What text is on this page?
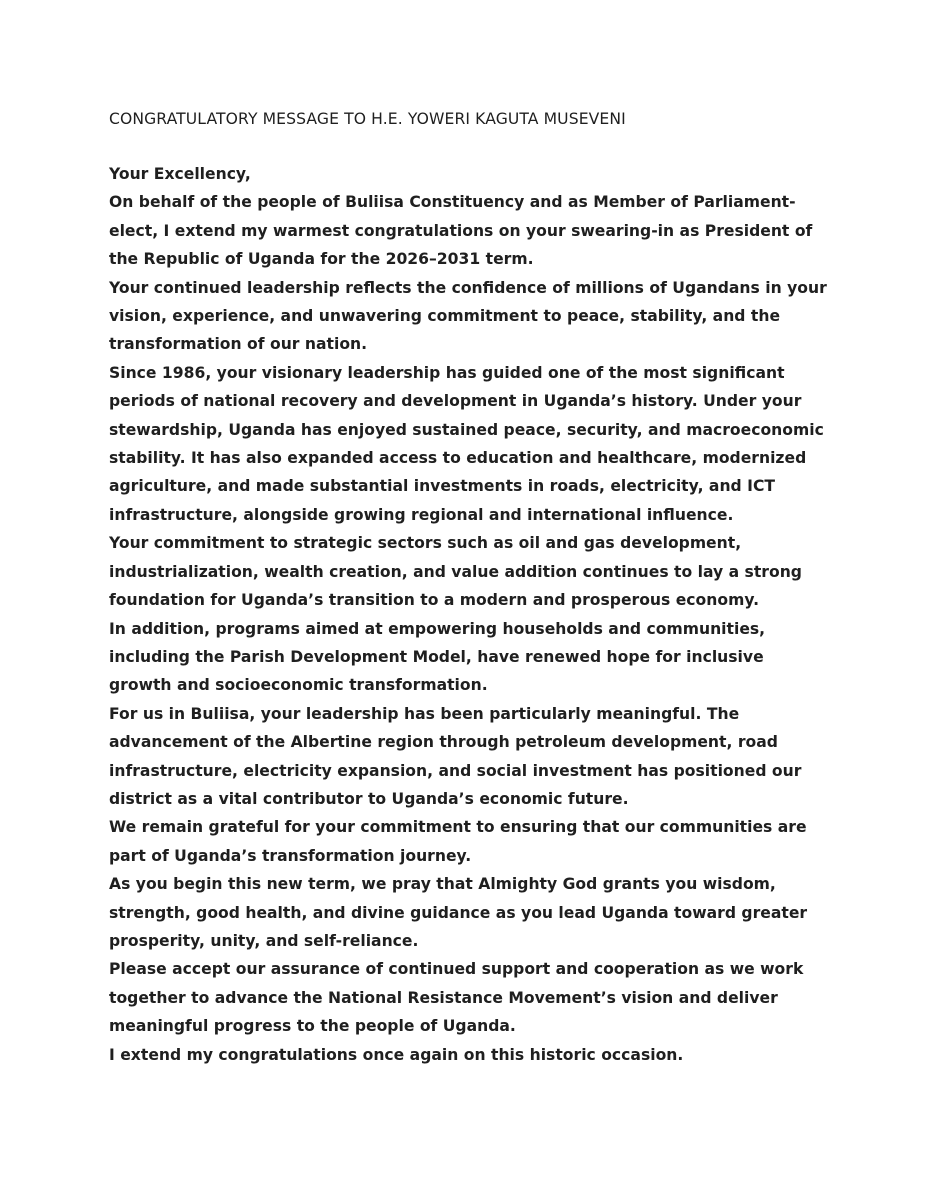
CONGRATULATORY MESSAGE TO H.E. YOWERI KAGUTA MUSEVENI

Your Excellency,

On behalf of the people of Buliisa Constituency and as Member of Parliament-elect, I extend my warmest congratulations on your swearing-in as President of the Republic of Uganda for the 2026–2031 term.

Your continued leadership reflects the confidence of millions of Ugandans in your vision, experience, and unwavering commitment to peace, stability, and the transformation of our nation.

Since 1986, your visionary leadership has guided one of the most significant periods of national recovery and development in Uganda’s history. Under your stewardship, Uganda has enjoyed sustained peace, security, and macroeconomic stability. It has also expanded access to education and healthcare, modernized agriculture, and made substantial investments in roads, electricity, and ICT infrastructure, alongside growing regional and international influence.

Your commitment to strategic sectors such as oil and gas development, industrialization, wealth creation, and value addition continues to lay a strong foundation for Uganda’s transition to a modern and prosperous economy.

In addition, programs aimed at empowering households and communities, including the Parish Development Model, have renewed hope for inclusive growth and socioeconomic transformation.

For us in Buliisa, your leadership has been particularly meaningful. The advancement of the Albertine region through petroleum development, road infrastructure, electricity expansion, and social investment has positioned our district as a vital contributor to Uganda’s economic future.

We remain grateful for your commitment to ensuring that our communities are part of Uganda’s transformation journey.

As you begin this new term, we pray that Almighty God grants you wisdom, strength, good health, and divine guidance as you lead Uganda toward greater prosperity, unity, and self-reliance.

Please accept our assurance of continued support and cooperation as we work together to advance the National Resistance Movement’s vision and deliver meaningful progress to the people of Uganda.

I extend my congratulations once again on this historic occasion.
